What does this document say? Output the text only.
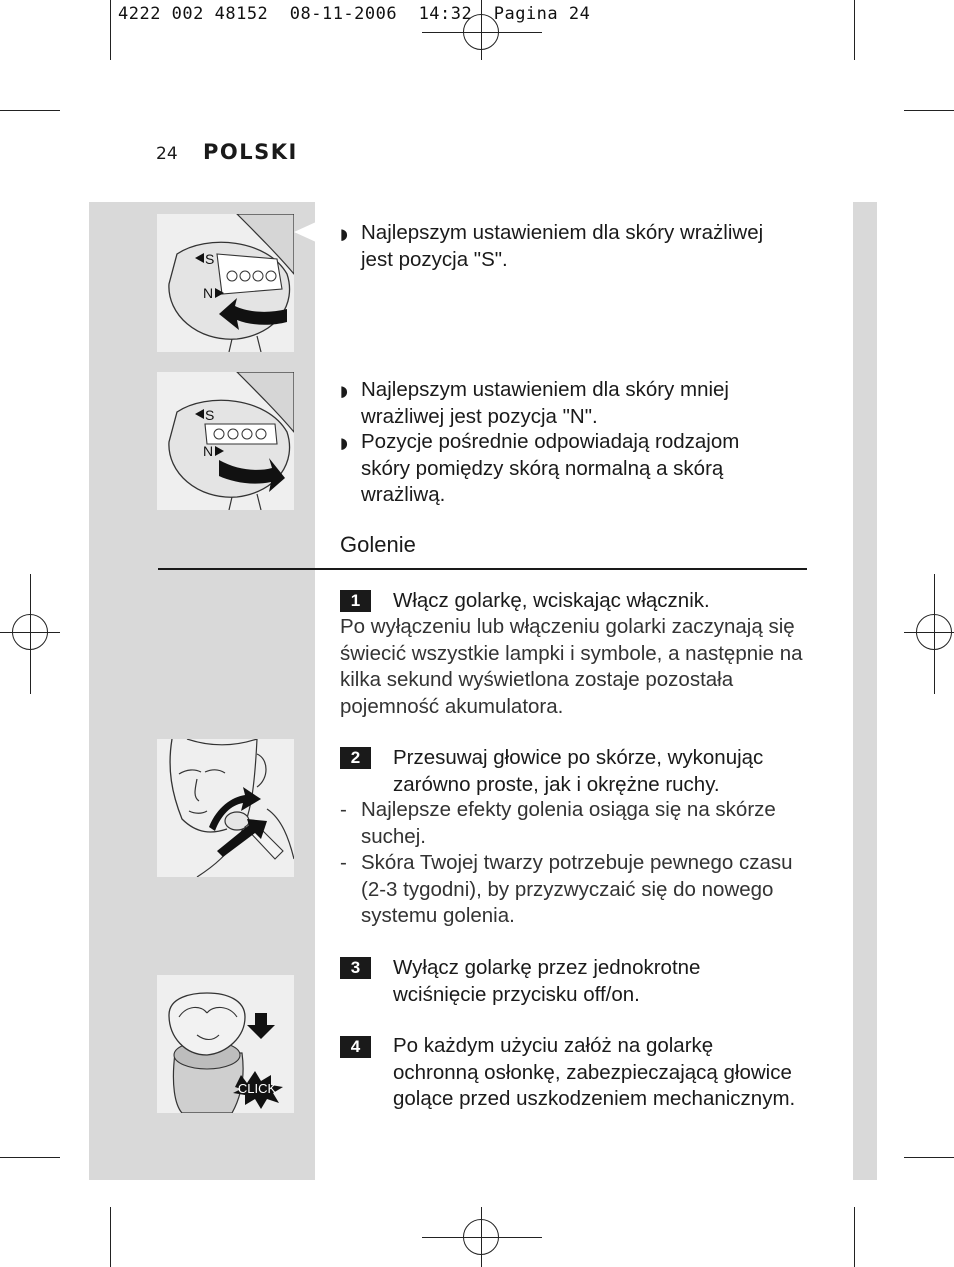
4222 002 48152  08-11-2006  14:32  Pagina 24
24 POLSKI
S
N
S
N
CLICK
◗ Najlepszym ustawieniem dla skóry wrażliwej
jest pozycja "S".
◗ Najlepszym ustawieniem dla skóry mniej
wrażliwej jest pozycja "N".
◗ Pozycje pośrednie odpowiadają rodzajom
skóry pomiędzy skórą normalną a skórą
wrażliwą.
Golenie
1	Włącz golarkę, wciskając włącznik.
Po wyłączeniu lub włączeniu golarki zaczynają się
świecić wszystkie lampki i symbole, a następnie na
kilka sekund wyświetlona zostaje pozostała
pojemność akumulatora.
2	Przesuwaj głowice po skórze, wykonując
zarówno proste, jak i okrężne ruchy.
- Najlepsze efekty golenia osiąga się na skórze
suchej.
- Skóra Twojej twarzy potrzebuje pewnego czasu
(2-3 tygodni), by przyzwyczaić się do nowego
systemu golenia.
3	Wyłącz golarkę przez jednokrotne
wciśnięcie przycisku off/on.
4	Po każdym użyciu załóż na golarkę
ochronną osłonkę, zabezpieczającą głowice
golące przed uszkodzeniem mechanicznym.
